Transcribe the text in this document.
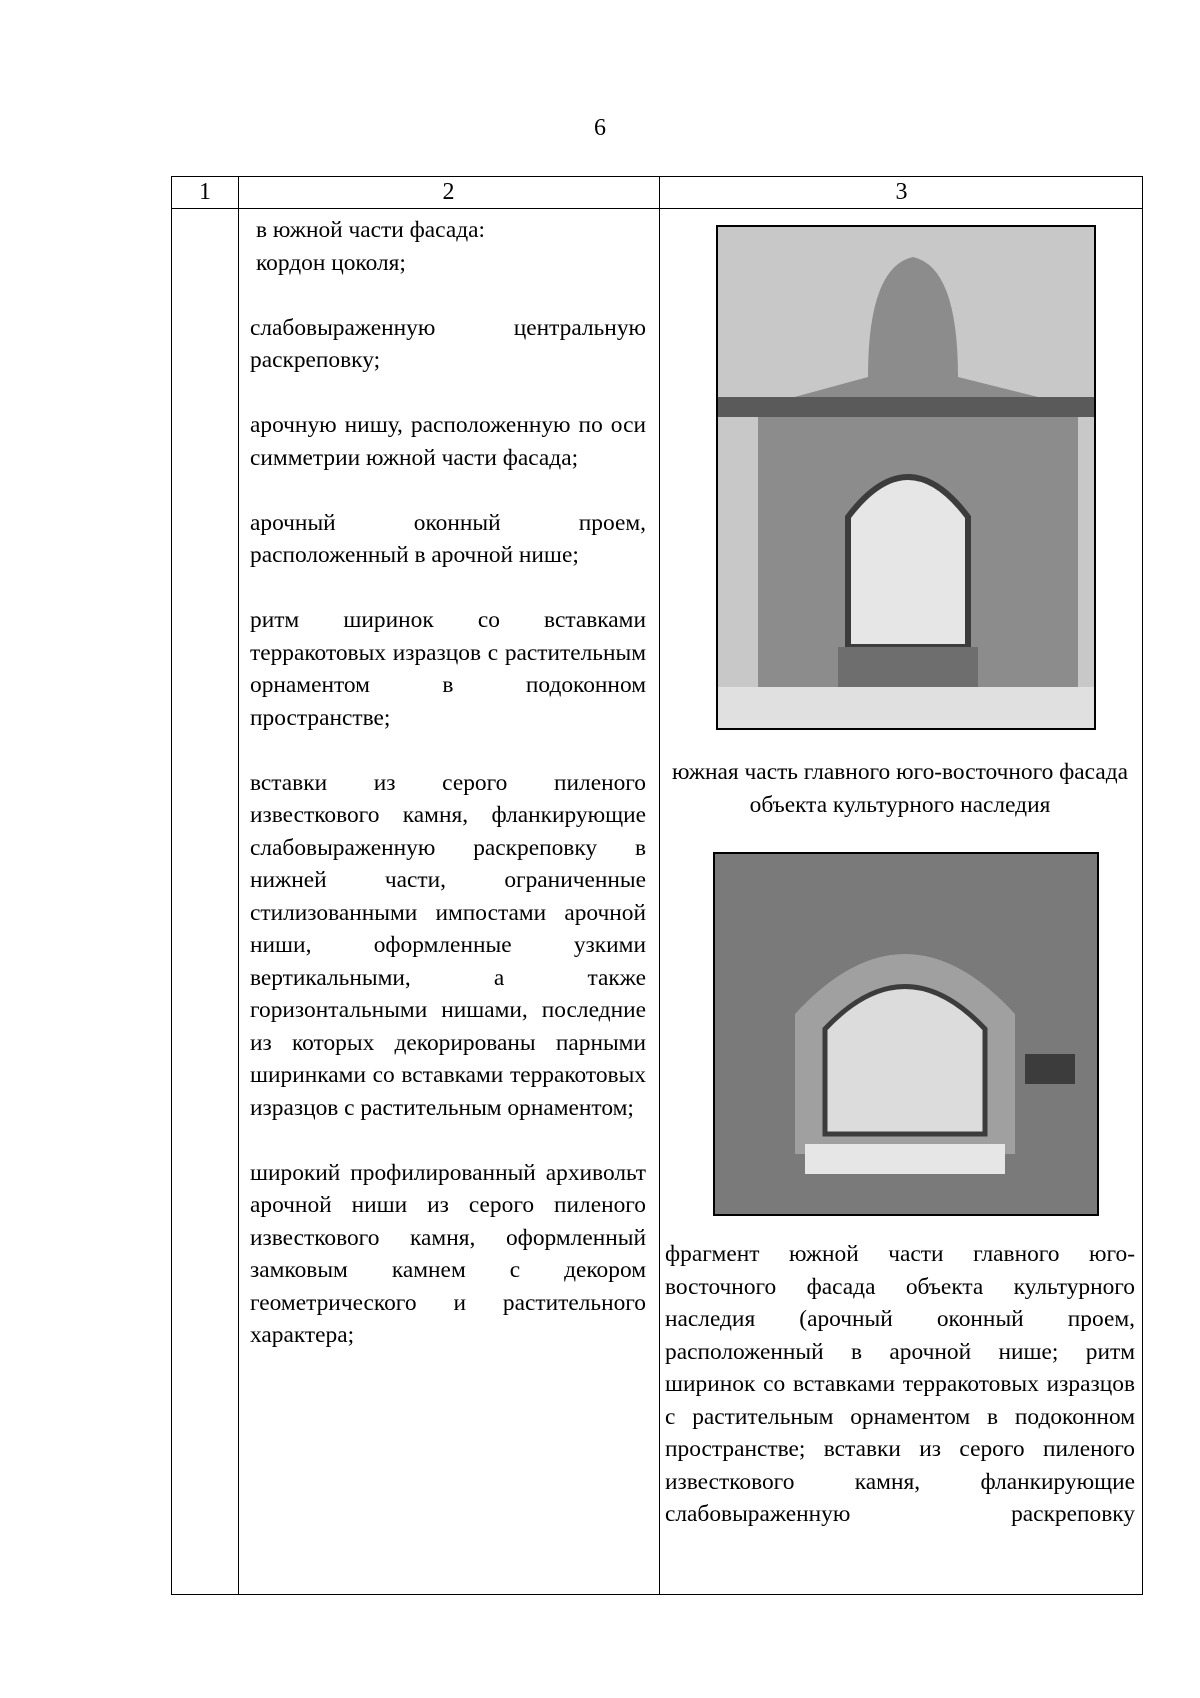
6
1	2	3

в южной части фасада:

кордон цоколя;

слабовыраженную центральную раскреповку;

арочную нишу, расположенную по оси симметрии южной части фасада;

арочный оконный проем, расположенный в арочной нише;

ритм ширинок со вставками терракотовых изразцов с растительным орнаментом в подоконном пространстве;

вставки из серого пиленого известкового камня, фланкирующие слабовыраженную раскреповку в нижней части, ограниченные стилизованными импостами арочной ниши, оформленные узкими вертикальными, а также горизонтальными нишами, последние из которых декорированы парными ширинками со вставками терракотовых изразцов с растительным орнаментом;

широкий профилированный архивольт арочной ниши из серого пиленого известкового камня, оформленный замковым камнем с декором геометрического и растительного характера;

южная часть главного юго-восточного фасада объекта культурного наследия
фрагмент южной части главного юго-восточного фасада объекта культурного наследия (арочный оконный проем, расположенный в арочной нише; ритм ширинок со вставками терракотовых изразцов с растительным орнаментом в подоконном пространстве; вставки из серого пиленого известкового камня, фланкирующие слабовыраженную раскреповку
